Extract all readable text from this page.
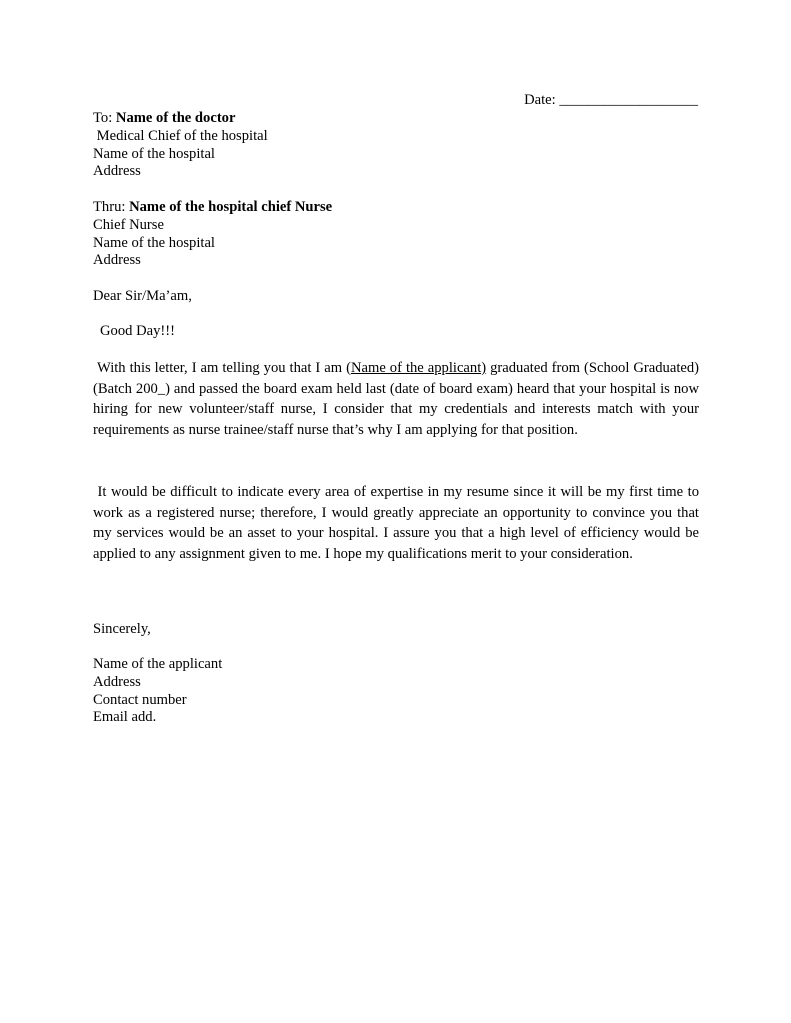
Date: ___________________
To: Name of the doctor
Medical Chief of the hospital
Name of the hospital
Address
Thru: Name of the hospital chief Nurse
Chief Nurse
Name of the hospital
Address
Dear Sir/Ma’am,
Good Day!!!
With this letter, I am telling you that I am (Name of the applicant) graduated from (School Graduated) (Batch 200_) and passed the board exam held last (date of board exam) heard that your hospital is now hiring for new volunteer/staff nurse, I consider that my credentials and interests match with your requirements as nurse trainee/staff nurse that’s why I am applying for that position.
It would be difficult to indicate every area of expertise in my resume since it will be my first time to work as a registered nurse; therefore, I would greatly appreciate an opportunity to convince you that my services would be an asset to your hospital. I assure you that a high level of efficiency would be applied to any assignment given to me. I hope my qualifications merit to your consideration.
Sincerely,
Name of the applicant
Address
Contact number
Email add.
